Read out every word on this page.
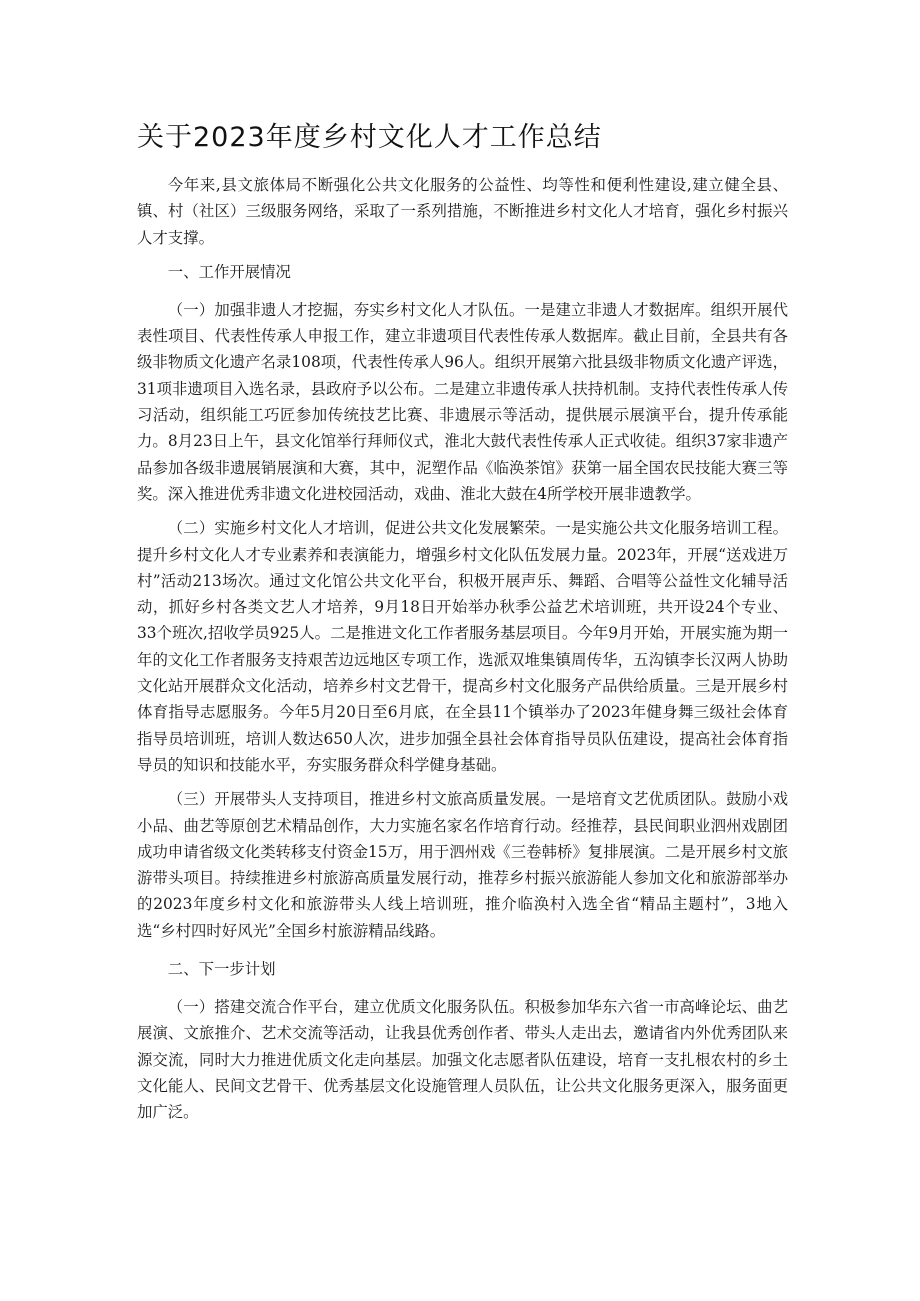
关于2023年度乡村文化人才工作总结

今年来,县文旅体局不断强化公共文化服务的公益性、均等性和便利性建设,建立健全县、镇、村（社区）三级服务网络，采取了一系列措施，不断推进乡村文化人才培育，强化乡村振兴人才支撑。

一、工作开展情况

（一）加强非遗人才挖掘，夯实乡村文化人才队伍。一是建立非遗人才数据库。组织开展代表性项目、代表性传承人申报工作，建立非遗项目代表性传承人数据库。截止目前，全县共有各级非物质文化遗产名录108项，代表性传承人96人。组织开展第六批县级非物质文化遗产评选，31项非遗项目入选名录，县政府予以公布。二是建立非遗传承人扶持机制。支持代表性传承人传习活动，组织能工巧匠参加传统技艺比赛、非遗展示等活动，提供展示展演平台，提升传承能力。8月23日上午，县文化馆举行拜师仪式，淮北大鼓代表性传承人正式收徒。组织37家非遗产品参加各级非遗展销展演和大赛，其中，泥塑作品《临涣茶馆》获第一届全国农民技能大赛三等奖。深入推进优秀非遗文化进校园活动，戏曲、淮北大鼓在4所学校开展非遗教学。

（二）实施乡村文化人才培训，促进公共文化发展繁荣。一是实施公共文化服务培训工程。提升乡村文化人才专业素养和表演能力，增强乡村文化队伍发展力量。2023年，开展“送戏进万村”活动213场次。通过文化馆公共文化平台，积极开展声乐、舞蹈、合唱等公益性文化辅导活动，抓好乡村各类文艺人才培养，9月18日开始举办秋季公益艺术培训班，共开设24个专业、33个班次,招收学员925人。二是推进文化工作者服务基层项目。今年9月开始，开展实施为期一年的文化工作者服务支持艰苦边远地区专项工作，选派双堆集镇周传华，五沟镇李长汉两人协助文化站开展群众文化活动，培养乡村文艺骨干，提高乡村文化服务产品供给质量。三是开展乡村体育指导志愿服务。今年5月20日至6月底，在全县11个镇举办了2023年健身舞三级社会体育指导员培训班，培训人数达650人次，进步加强全县社会体育指导员队伍建设，提高社会体育指导员的知识和技能水平，夯实服务群众科学健身基础。

（三）开展带头人支持项目，推进乡村文旅高质量发展。一是培育文艺优质团队。鼓励小戏小品、曲艺等原创艺术精品创作，大力实施名家名作培育行动。经推荐，县民间职业泗州戏剧团成功申请省级文化类转移支付资金15万，用于泗州戏《三卷韩桥》复排展演。二是开展乡村文旅游带头项目。持续推进乡村旅游高质量发展行动，推荐乡村振兴旅游能人参加文化和旅游部举办的2023年度乡村文化和旅游带头人线上培训班，推介临涣村入选全省“精品主题村”，3地入选“乡村四时好风光”全国乡村旅游精品线路。

二、下一步计划

（一）搭建交流合作平台，建立优质文化服务队伍。积极参加华东六省一市高峰论坛、曲艺展演、文旅推介、艺术交流等活动，让我县优秀创作者、带头人走出去，邀请省内外优秀团队来源交流，同时大力推进优质文化走向基层。加强文化志愿者队伍建设，培育一支扎根农村的乡土文化能人、民间文艺骨干、优秀基层文化设施管理人员队伍，让公共文化服务更深入，服务面更加广泛。
